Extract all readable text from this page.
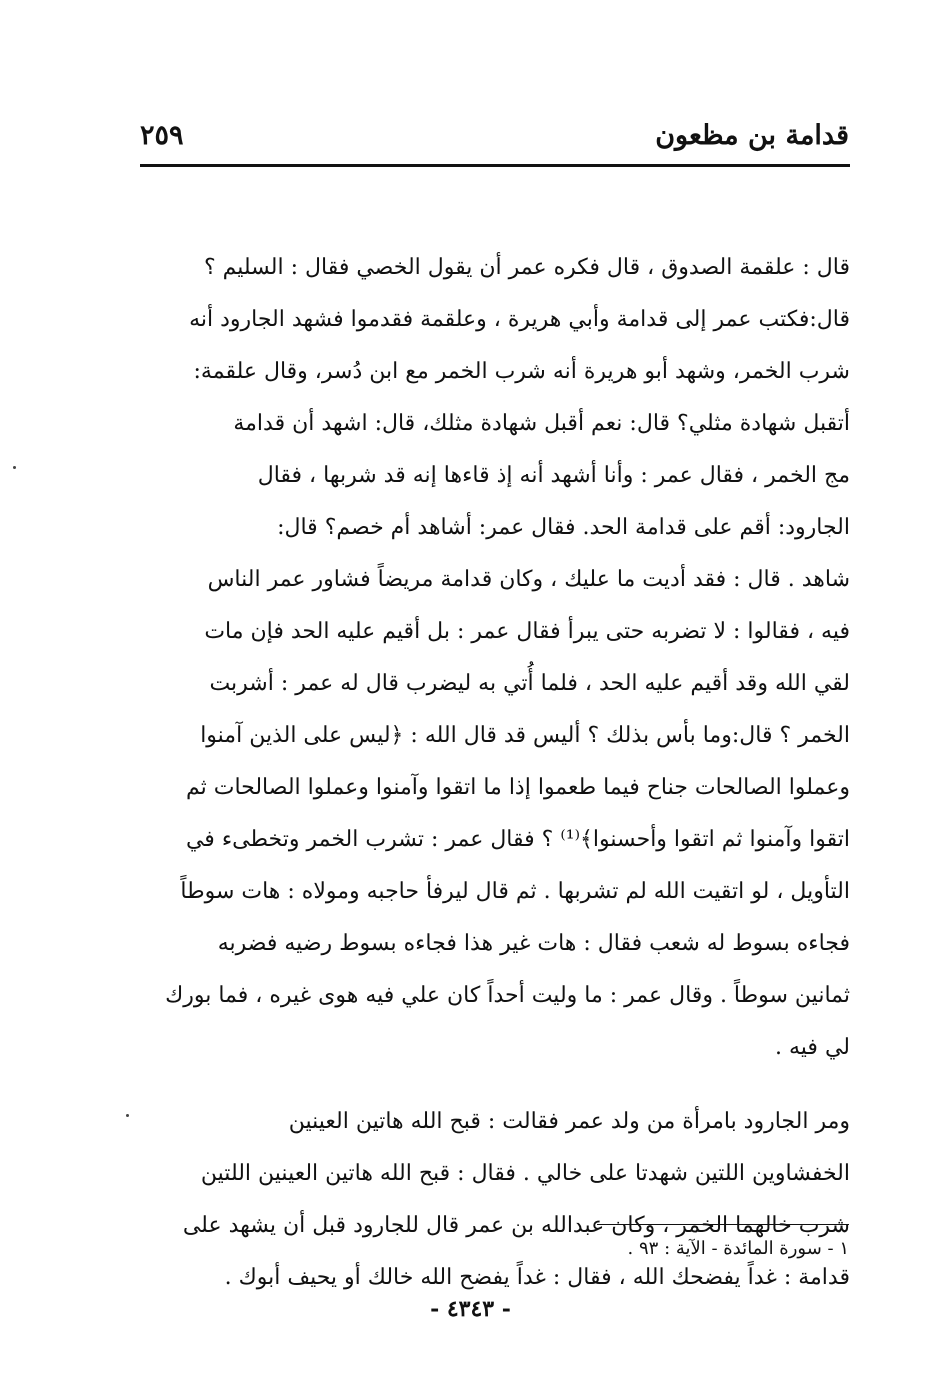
قدامة بن مظعون
٢٥٩
قال : علقمة الصدوق ، قال فكره عمر أن يقول الخصي فقال : السليم ؟
قال:فكتب عمر إلى قدامة وأبي هريرة ، وعلقمة فقدموا فشهد الجارود أنه
شرب الخمر، وشهد أبو هريرة أنه شرب الخمر مع ابن دُسر، وقال علقمة:
أتقبل شهادة مثلي؟ قال: نعم أقبل شهادة مثلك، قال: اشهد أن قدامة
مج الخمر ، فقال عمر : وأنا أشهد أنه إذ قاءها إنه قد شربها ، فقال
الجارود: أقم على قدامة الحد. فقال عمر: أشاهد أم خصم؟ قال:
شاهد . قال : فقد أديت ما عليك ، وكان قدامة مريضاً فشاور عمر الناس
فيه ، فقالوا : لا تضربه حتى يبرأ فقال عمر : بل أقيم عليه الحد فإن مات
لقي الله وقد أقيم عليه الحد ، فلما أُتي به ليضرب قال له عمر : أشربت
الخمر ؟ قال:وما بأس بذلك ؟ أليس قد قال الله : ﴿ليس على الذين آمنوا
وعملوا الصالحات جناح فيما طعموا إذا ما اتقوا وآمنوا وعملوا الصالحات ثم
اتقوا وآمنوا ثم اتقوا وأحسنوا﴾⁽¹⁾ ؟ فقال عمر : تشرب الخمر وتخطىء في
التأويل ، لو اتقيت الله لم تشربها . ثم قال ليرفأ حاجبه ومولاه : هات سوطاً
فجاءه بسوط له شعب فقال : هات غير هذا فجاءه بسوط رضيه فضربه
ثمانين سوطاً . وقال عمر : ما وليت أحداً كان علي فيه هوى غيره ، فما بورك
لي فيه .
ومر الجارود بامرأة من ولد عمر فقالت : قبح الله هاتين العينين
الخفشاوين اللتين شهدتا على خالي . فقال : قبح الله هاتين العينين اللتين
شرب خالهما الخمر ، وكان عبدالله بن عمر قال للجارود قبل أن يشهد على
قدامة : غداً يفضحك الله ، فقال : غداً يفضح الله خالك أو يحيف أبوك .
١ - سورة المائدة - الآية : ٩٣ .
- ٤٣٤٣ -
